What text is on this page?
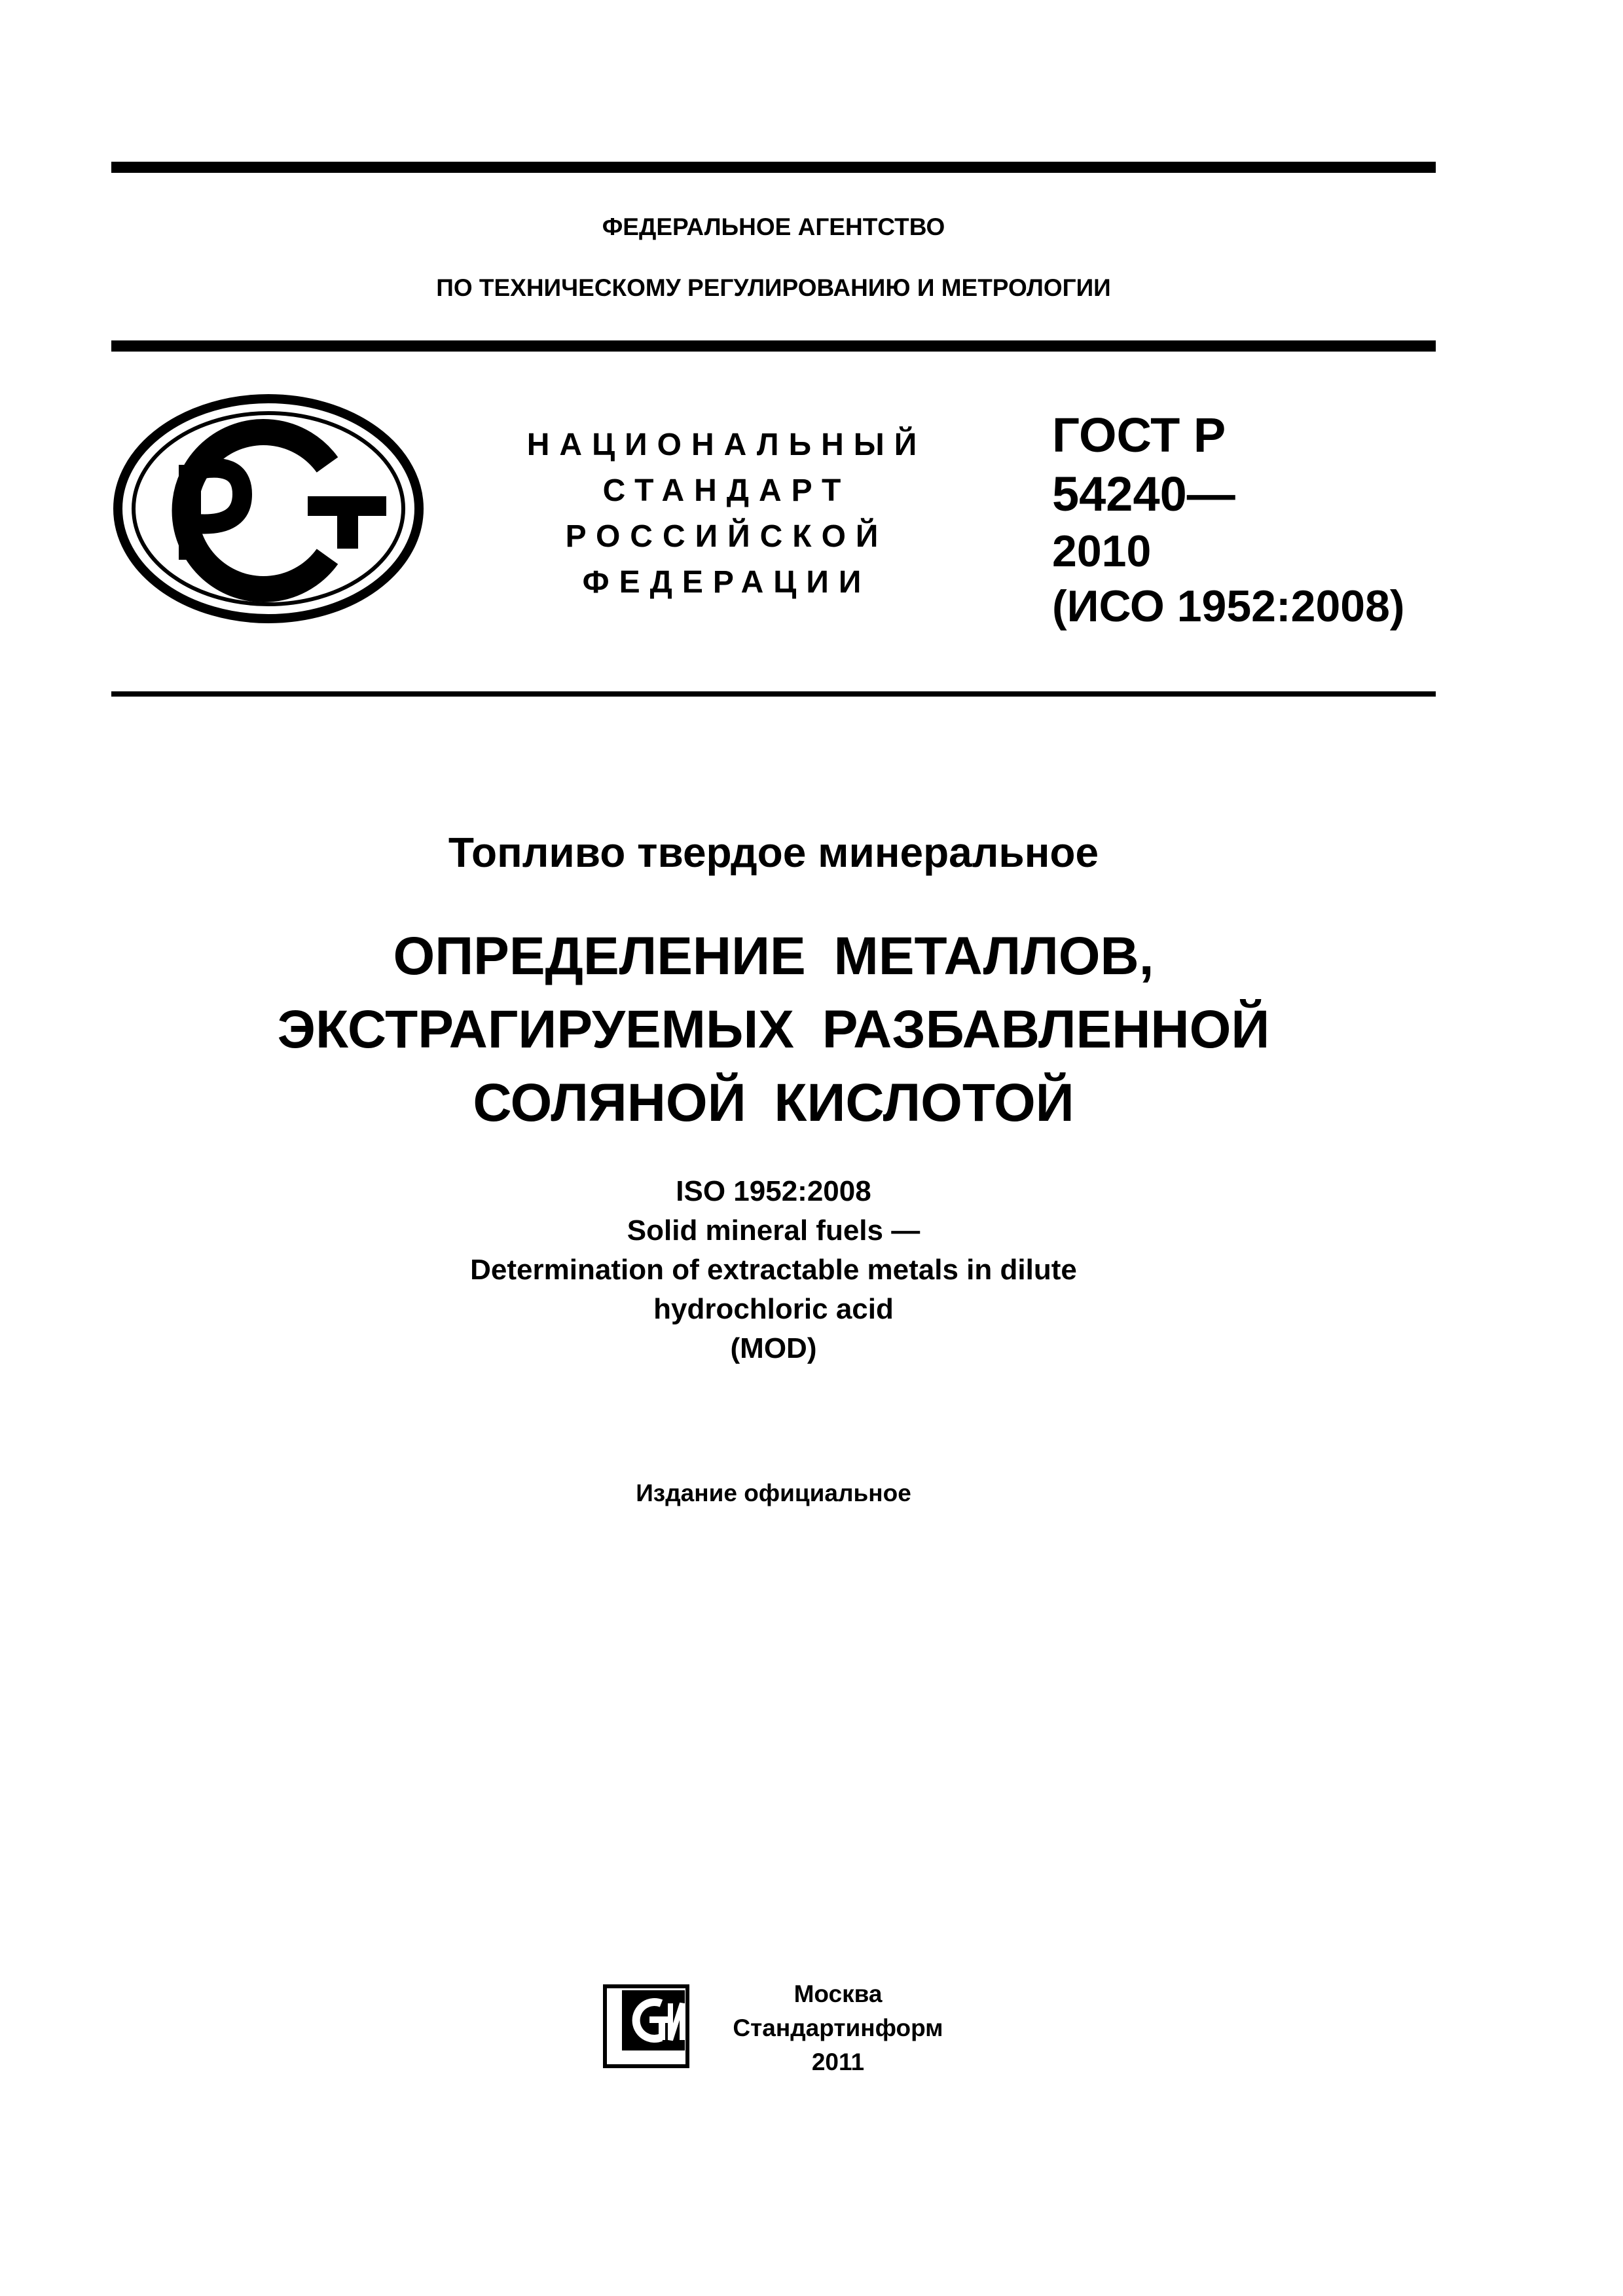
ФЕДЕРАЛЬНОЕ АГЕНТСТВО
ПО ТЕХНИЧЕСКОМУ РЕГУЛИРОВАНИЮ И МЕТРОЛОГИИ
НАЦИОНАЛЬНЫЙ
СТАНДАРТ
РОССИЙСКОЙ
ФЕДЕРАЦИИ
ГОСТ Р
54240—
2010
(ИСО 1952:2008)
Топливо твердое минеральное
ОПРЕДЕЛЕНИЕ МЕТАЛЛОВ,
ЭКСТРАГИРУЕМЫХ РАЗБАВЛЕННОЙ
СОЛЯНОЙ КИСЛОТОЙ
ISO 1952:2008
Solid mineral fuels —
Determination of extractable metals in dilute
hydrochloric acid
(MOD)
Издание официальное
Москва
Стандартинформ
2011
